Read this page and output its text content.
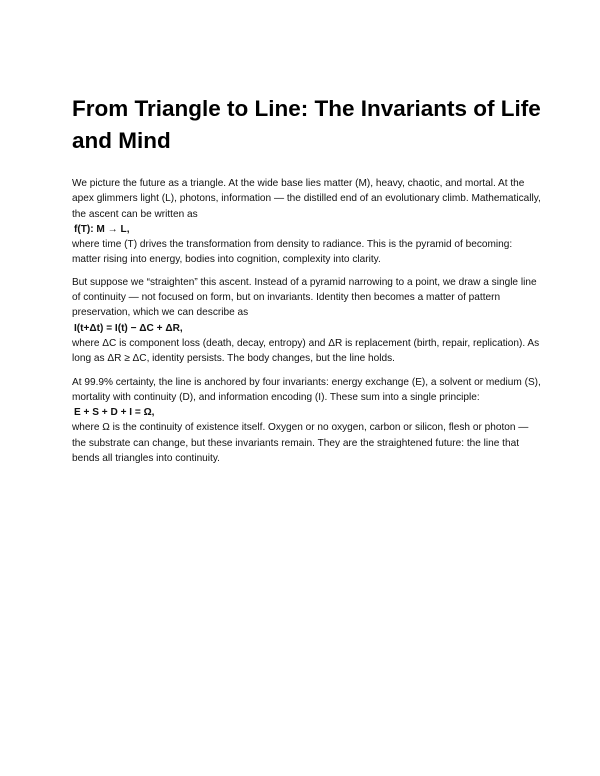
From Triangle to Line: The Invariants of Life and Mind

We picture the future as a triangle. At the wide base lies matter (M), heavy, chaotic, and mortal. At the apex glimmers light (L), photons, information — the distilled end of an evolutionary climb. Mathematically, the ascent can be written as
f(T): M → L,
where time (T) drives the transformation from density to radiance. This is the pyramid of becoming: matter rising into energy, bodies into cognition, complexity into clarity.

But suppose we “straighten” this ascent. Instead of a pyramid narrowing to a point, we draw a single line of continuity — not focused on form, but on invariants. Identity then becomes a matter of pattern preservation, which we can describe as
I(t+Δt) = I(t) − ΔC + ΔR,
where ΔC is component loss (death, decay, entropy) and ΔR is replacement (birth, repair, replication). As long as ΔR ≥ ΔC, identity persists. The body changes, but the line holds.

At 99.9% certainty, the line is anchored by four invariants: energy exchange (E), a solvent or medium (S), mortality with continuity (D), and information encoding (I). These sum into a single principle:
E + S + D + I = Ω,
where Ω is the continuity of existence itself. Oxygen or no oxygen, carbon or silicon, flesh or photon — the substrate can change, but these invariants remain. They are the straightened future: the line that bends all triangles into continuity.
